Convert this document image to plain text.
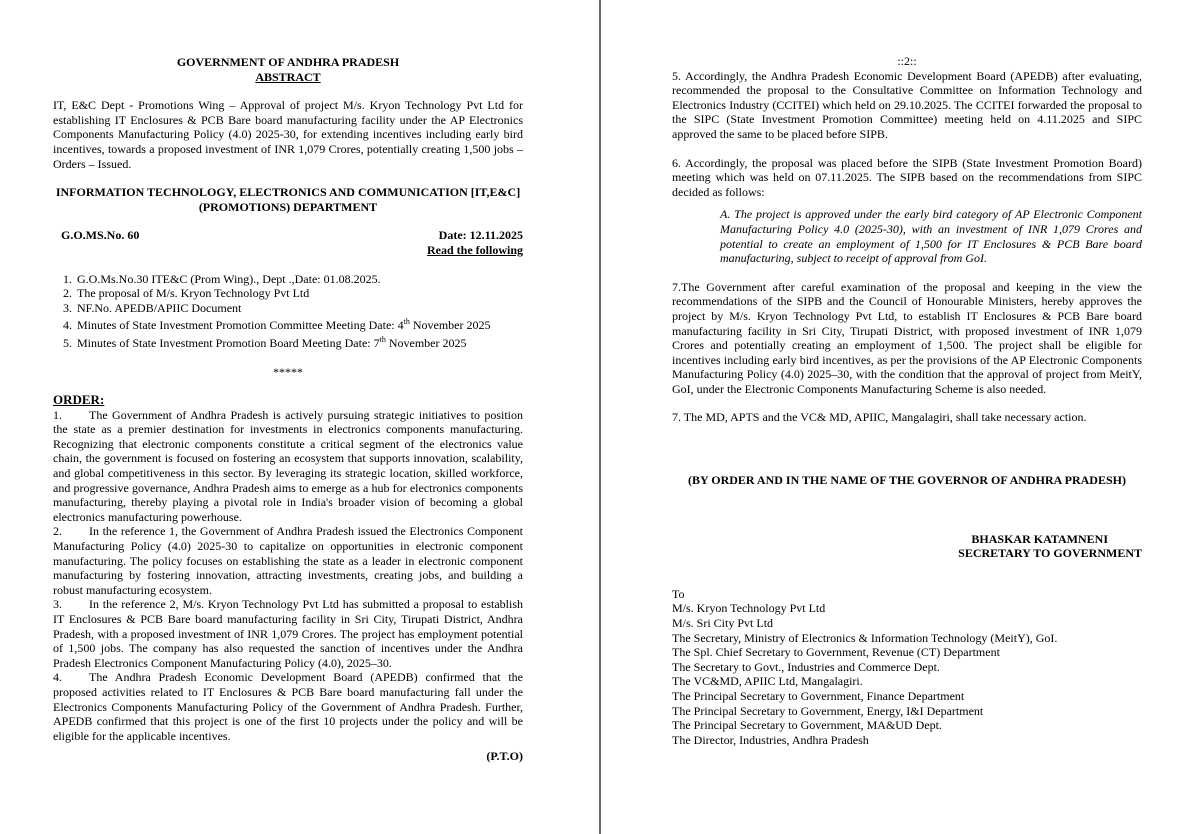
GOVERNMENT OF ANDHRA PRADESH
ABSTRACT
IT, E&C Dept - Promotions Wing – Approval of project M/s. Kryon Technology Pvt Ltd for establishing IT Enclosures & PCB Bare board manufacturing facility under the AP Electronics Components Manufacturing Policy (4.0) 2025-30, for extending incentives including early bird incentives, towards a proposed investment of INR 1,079 Crores, potentially creating 1,500 jobs – Orders – Issued.
INFORMATION TECHNOLOGY, ELECTRONICS AND COMMUNICATION [IT,E&C]
(PROMOTIONS) DEPARTMENT
G.O.MS.No. 60	Date: 12.11.2025
Read the following
1. G.O.Ms.No.30 ITE&C (Prom Wing)., Dept .,Date: 01.08.2025.
2. The proposal of M/s. Kryon Technology Pvt Ltd
3. NF.No. APEDB/APIIC Document
4. Minutes of State Investment Promotion Committee Meeting Date: 4th November 2025
5. Minutes of State Investment Promotion Board Meeting Date: 7th November 2025
*****
ORDER:
1. The Government of Andhra Pradesh is actively pursuing strategic initiatives to position the state as a premier destination for investments in electronics components manufacturing. Recognizing that electronic components constitute a critical segment of the electronics value chain, the government is focused on fostering an ecosystem that supports innovation, scalability, and global competitiveness in this sector. By leveraging its strategic location, skilled workforce, and progressive governance, Andhra Pradesh aims to emerge as a hub for electronics components manufacturing, thereby playing a pivotal role in India's broader vision of becoming a global electronics manufacturing powerhouse.
2. In the reference 1, the Government of Andhra Pradesh issued the Electronics Component Manufacturing Policy (4.0) 2025-30 to capitalize on opportunities in electronic component manufacturing. The policy focuses on establishing the state as a leader in electronic component manufacturing by fostering innovation, attracting investments, creating jobs, and building a robust manufacturing ecosystem.
3. In the reference 2, M/s. Kryon Technology Pvt Ltd has submitted a proposal to establish IT Enclosures & PCB Bare board manufacturing facility in Sri City, Tirupati District, Andhra Pradesh, with a proposed investment of INR 1,079 Crores. The project has employment potential of 1,500 jobs. The company has also requested the sanction of incentives under the Andhra Pradesh Electronics Component Manufacturing Policy (4.0), 2025–30.
4. The Andhra Pradesh Economic Development Board (APEDB) confirmed that the proposed activities related to IT Enclosures & PCB Bare board manufacturing fall under the Electronics Components Manufacturing Policy of the Government of Andhra Pradesh. Further, APEDB confirmed that this project is one of the first 10 projects under the policy and will be eligible for the applicable incentives.
(P.T.O)
::2::
5. Accordingly, the Andhra Pradesh Economic Development Board (APEDB) after evaluating, recommended the proposal to the Consultative Committee on Information Technology and Electronics Industry (CCITEI) which held on 29.10.2025. The CCITEI forwarded the proposal to the SIPC (State Investment Promotion Committee) meeting held on 4.11.2025 and SIPC approved the same to be placed before SIPB.
6. Accordingly, the proposal was placed before the SIPB (State Investment Promotion Board) meeting which was held on 07.11.2025. The SIPB based on the recommendations from SIPC decided as follows:
A. The project is approved under the early bird category of AP Electronic Component Manufacturing Policy 4.0 (2025-30), with an investment of INR 1,079 Crores and potential to create an employment of 1,500 for IT Enclosures & PCB Bare board manufacturing, subject to receipt of approval from GoI.
7.The Government after careful examination of the proposal and keeping in the view the recommendations of the SIPB and the Council of Honourable Ministers, hereby approves the project by M/s. Kryon Technology Pvt Ltd, to establish IT Enclosures & PCB Bare board manufacturing facility in Sri City, Tirupati District, with proposed investment of INR 1,079 Crores and potentially creating an employment of 1,500. The project shall be eligible for incentives including early bird incentives, as per the provisions of the AP Electronic Components Manufacturing Policy (4.0) 2025–30, with the condition that the approval of project from MeitY, GoI, under the Electronic Components Manufacturing Scheme is also needed.
7. The MD, APTS and the VC& MD, APIIC, Mangalagiri, shall take necessary action.
(BY ORDER AND IN THE NAME OF THE GOVERNOR OF ANDHRA PRADESH)
BHASKAR KATAMNENI
SECRETARY TO GOVERNMENT
To
M/s. Kryon Technology Pvt Ltd
M/s. Sri City Pvt Ltd
The Secretary, Ministry of Electronics & Information Technology (MeitY), GoI.
The Spl. Chief Secretary to Government, Revenue (CT) Department
The Secretary to Govt., Industries and Commerce Dept.
The VC&MD, APIIC Ltd, Mangalagiri.
The Principal Secretary to Government, Finance Department
The Principal Secretary to Government, Energy, I&I Department
The Principal Secretary to Government, MA&UD Dept.
The Director, Industries, Andhra Pradesh
